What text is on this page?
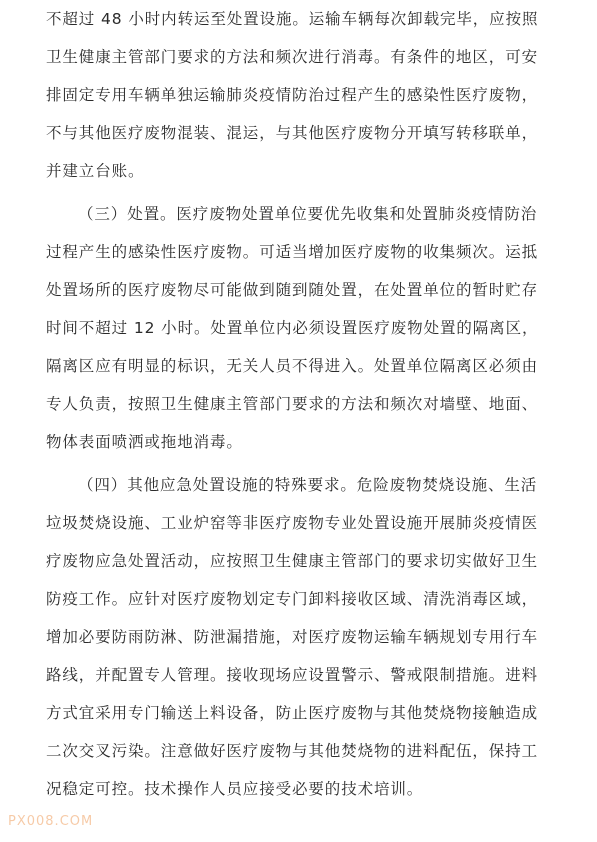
不超过 48 小时内转运至处置设施。运输车辆每次卸载完毕，应按照
卫生健康主管部门要求的方法和频次进行消毒。有条件的地区，可安
排固定专用车辆单独运输肺炎疫情防治过程产生的感染性医疗废物，
不与其他医疗废物混装、混运，与其他医疗废物分开填写转移联单，
并建立台账。
（三）处置。医疗废物处置单位要优先收集和处置肺炎疫情防治
过程产生的感染性医疗废物。可适当增加医疗废物的收集频次。运抵
处置场所的医疗废物尽可能做到随到随处置，在处置单位的暂时贮存
时间不超过 12 小时。处置单位内必须设置医疗废物处置的隔离区，
隔离区应有明显的标识，无关人员不得进入。处置单位隔离区必须由
专人负责，按照卫生健康主管部门要求的方法和频次对墙壁、地面、
物体表面喷洒或拖地消毒。
（四）其他应急处置设施的特殊要求。危险废物焚烧设施、生活
垃圾焚烧设施、工业炉窑等非医疗废物专业处置设施开展肺炎疫情医
疗废物应急处置活动，应按照卫生健康主管部门的要求切实做好卫生
防疫工作。应针对医疗废物划定专门卸料接收区域、清洗消毒区域，
增加必要防雨防淋、防泄漏措施，对医疗废物运输车辆规划专用行车
路线，并配置专人管理。接收现场应设置警示、警戒限制措施。进料
方式宜采用专门输送上料设备，防止医疗废物与其他焚烧物接触造成
二次交叉污染。注意做好医疗废物与其他焚烧物的进料配伍，保持工
况稳定可控。技术操作人员应接受必要的技术培训。
PX008.COM
